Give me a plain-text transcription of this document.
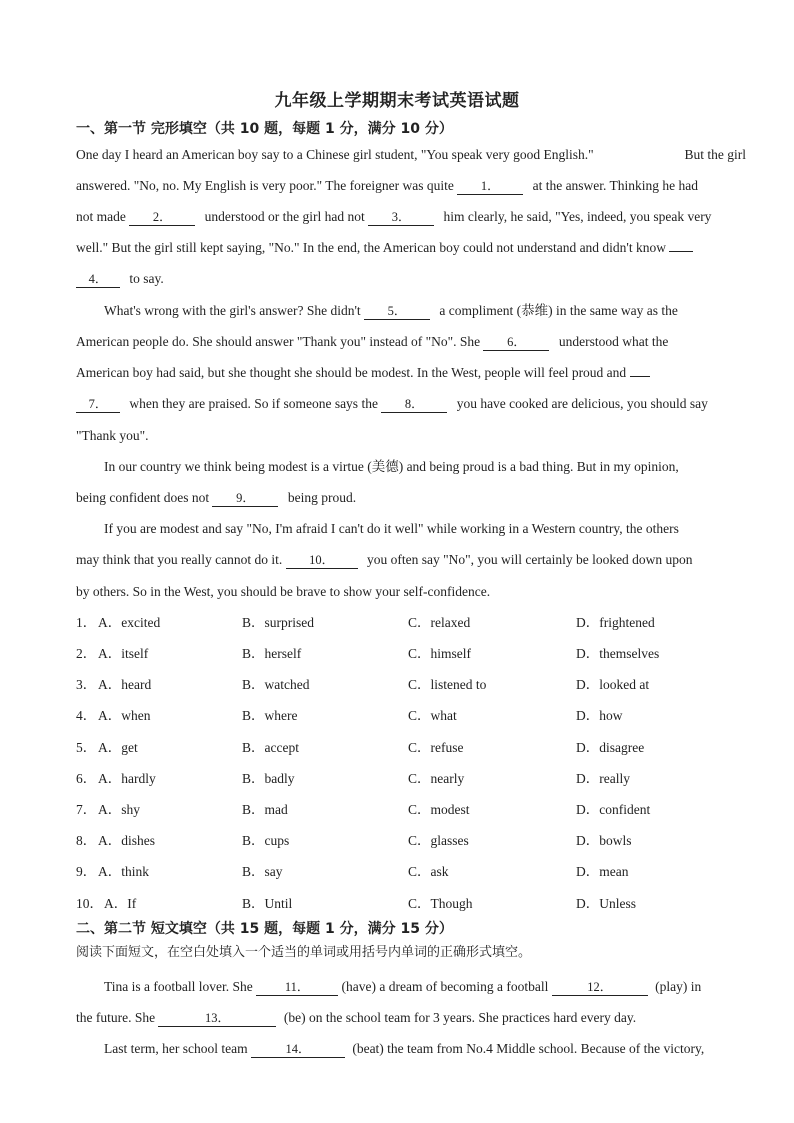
九年级上学期期末考试英语试题
一、第一节 完形填空（共 10 题，每题 1 分，满分 10 分）
One day I heard an American boy say to a Chinese girl student, "You speak very good English."	But the girl
answered. "No, no. My English is very poor." The foreigner was quite 1． at the answer. Thinking he had
not made 2． understood or the girl had not 3． him clearly, he said, "Yes, indeed, you speak very
well." But the girl still kept saying, "No." In the end, the American boy could not understand and didn't know
4． to say.
What's wrong with the girl's answer? She didn't 5． a compliment (恭维) in the same way as the
American people do. She should answer "Thank you" instead of "No". She 6． understood what the
American boy had said, but she thought she should be modest. In the West, people will feel proud and
7． when they are praised. So if someone says the 8． you have cooked are delicious, you should say
"Thank you".
In our country we think being modest is a virtue (美德) and being proud is a bad thing. But in my opinion,
being confident does not 9． being proud.
If you are modest and say "No, I'm afraid I can't do it well" while working in a Western country, the others
may think that you really cannot do it. 10． you often say "No", you will certainly be looked down upon
by others. So in the West, you should be brave to show your self-confidence.
1． A．excited	B．surprised	C．relaxed	D．frightened
2． A．itself	B．herself	C．himself	D．themselves
3． A．heard	B．watched	C．listened to	D．looked at
4． A．when	B．where	C．what	D．how
5． A．get	B．accept	C．refuse	D．disagree
6． A．hardly	B．badly	C．nearly	D．really
7． A．shy	B．mad	C．modest	D．confident
8． A．dishes	B．cups	C．glasses	D．bowls
9． A．think	B．say	C．ask	D．mean
10． A．If	B．Until	C．Though	D．Unless
二、第二节 短文填空（共 15 题，每题 1 分，满分 15 分）
阅读下面短文，在空白处填入一个适当的单词或用括号内单词的正确形式填空。
Tina is a football lover. She	11． (have) a dream of becoming a football	12．	(play) in
the future. She	13．	(be) on the school team for 3 years. She practices hard every day.
Last term, her school team	14．	(beat) the team from No.4 Middle school. Because of the victory,
